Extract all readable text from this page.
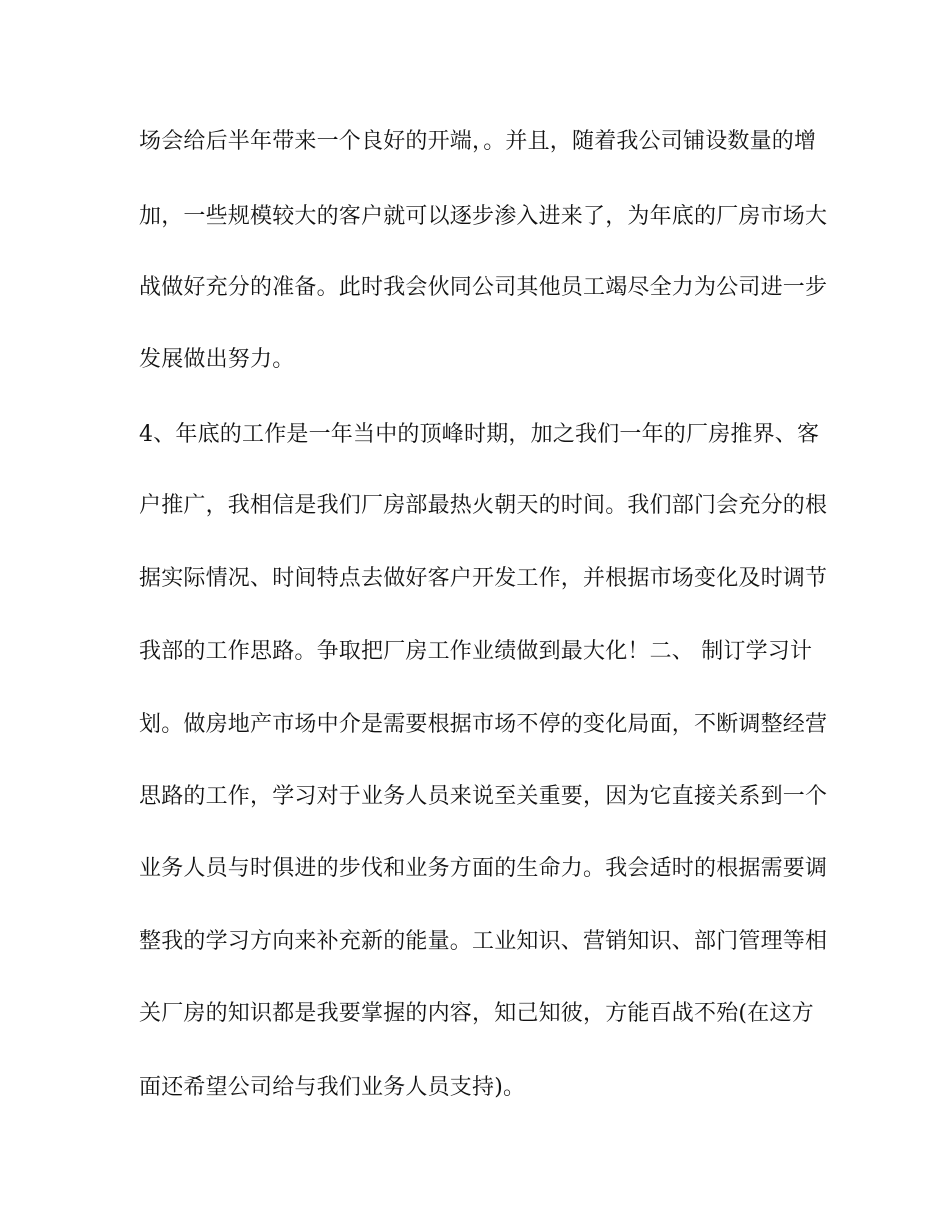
场会给后半年带来一个良好的开端，。并且，随着我公司铺设数量的增

加，一些规模较大的客户就可以逐步渗入进来了，为年底的厂房市场大

战做好充分的准备。此时我会伙同公司其他员工竭尽全力为公司进一步

发展做出努力。

4、年底的工作是一年当中的顶峰时期，加之我们一年的厂房推界、客

户推广，我相信是我们厂房部最热火朝天的时间。我们部门会充分的根

据实际情况、时间特点去做好客户开发工作，并根据市场变化及时调节

我部的工作思路。争取把厂房工作业绩做到最大化！二、 制订学习计

划。做房地产市场中介是需要根据市场不停的变化局面，不断调整经营

思路的工作，学习对于业务人员来说至关重要，因为它直接关系到一个

业务人员与时俱进的步伐和业务方面的生命力。我会适时的根据需要调

整我的学习方向来补充新的能量。工业知识、营销知识、部门管理等相

关厂房的知识都是我要掌握的内容，知己知彼，方能百战不殆(在这方

面还希望公司给与我们业务人员支持)。
